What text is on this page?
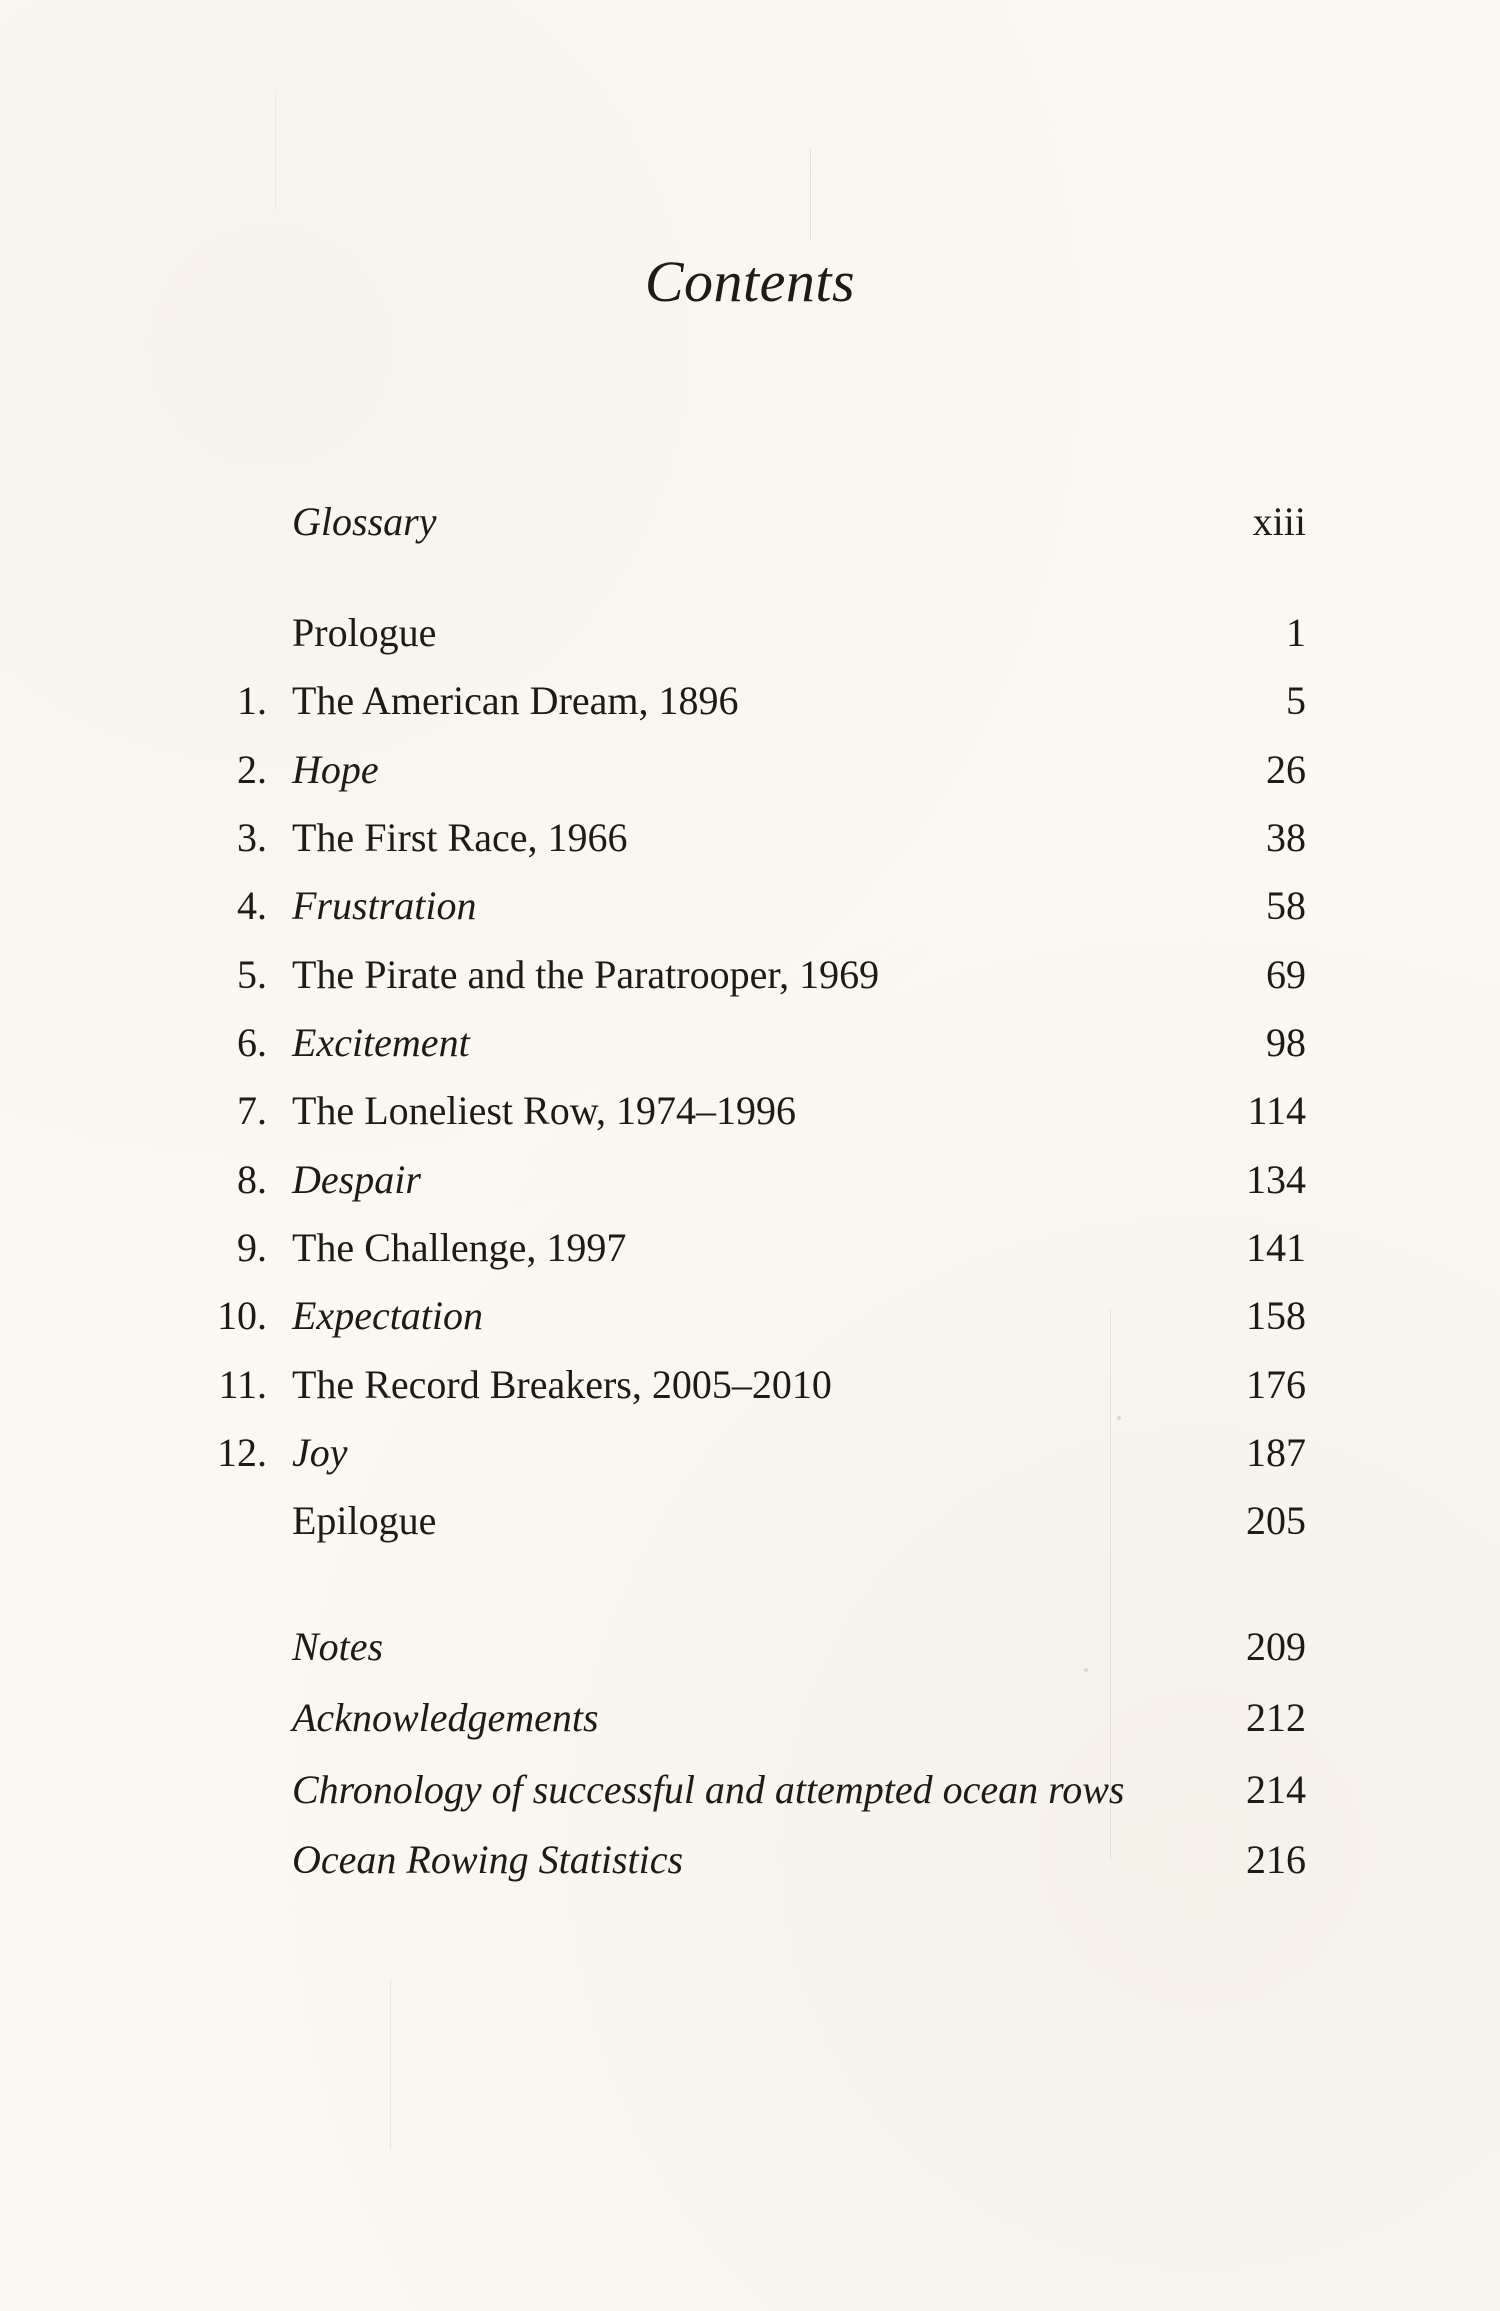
Contents
Glossary	xiii
Prologue	1
1. The American Dream, 1896	5
2. Hope	26
3. The First Race, 1966	38
4. Frustration	58
5. The Pirate and the Paratrooper, 1969	69
6. Excitement	98
7. The Loneliest Row, 1974–1996	114
8. Despair	134
9. The Challenge, 1997	141
10. Expectation	158
11. The Record Breakers, 2005–2010	176
12. Joy	187
Epilogue	205
Notes	209
Acknowledgements	212
Chronology of successful and attempted ocean rows	214
Ocean Rowing Statistics	216
